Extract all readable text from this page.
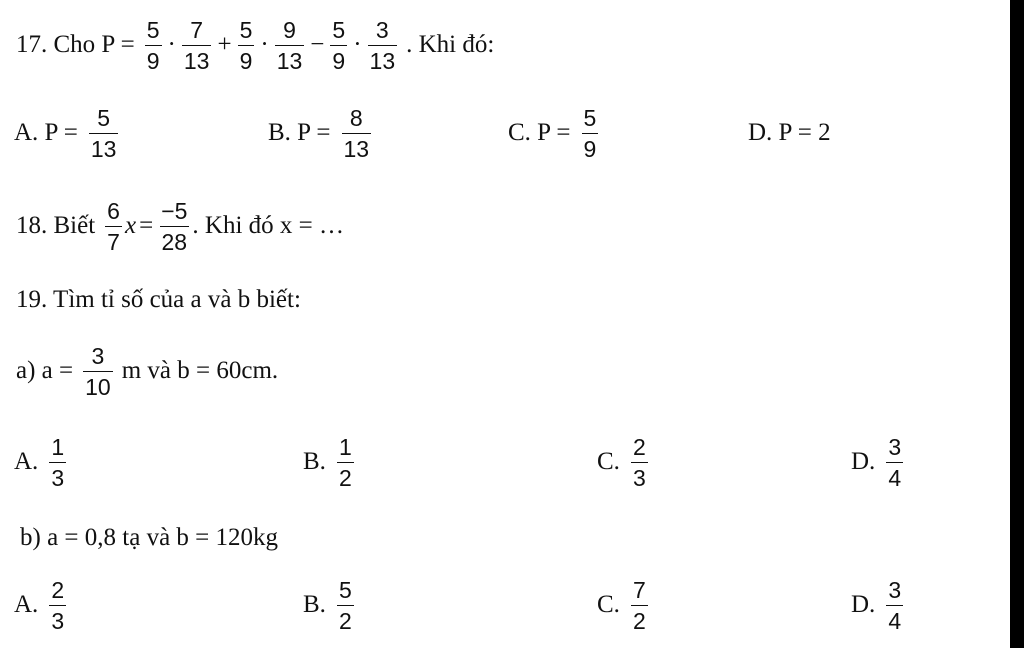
17. Cho $P = \frac{5}{9} \cdot \frac{7}{13} + \frac{5}{9} \cdot \frac{9}{13} - \frac{5}{9} \cdot \frac{3}{13}$ . Khi đó:
A. $P = \frac{5}{13}$	B. $P = \frac{8}{13}$	C. $P = \frac{5}{9}$	D. P = 2
18. Biết $\frac{6}{7}$ $x = \frac{-5}{28}$ . Khi đó x = …
19. Tìm tỉ số của a và b biết:
a) $a = \frac{3}{10}$ m và b = 60cm.
A. $\frac{1}{3}$	B. $\frac{1}{2}$	C. $\frac{2}{3}$	D. $\frac{3}{4}$
b) a = 0,8 tạ và b = 120kg
A. $\frac{2}{3}$	B. $\frac{5}{2}$	C. $\frac{7}{2}$	D. $\frac{3}{4}$
